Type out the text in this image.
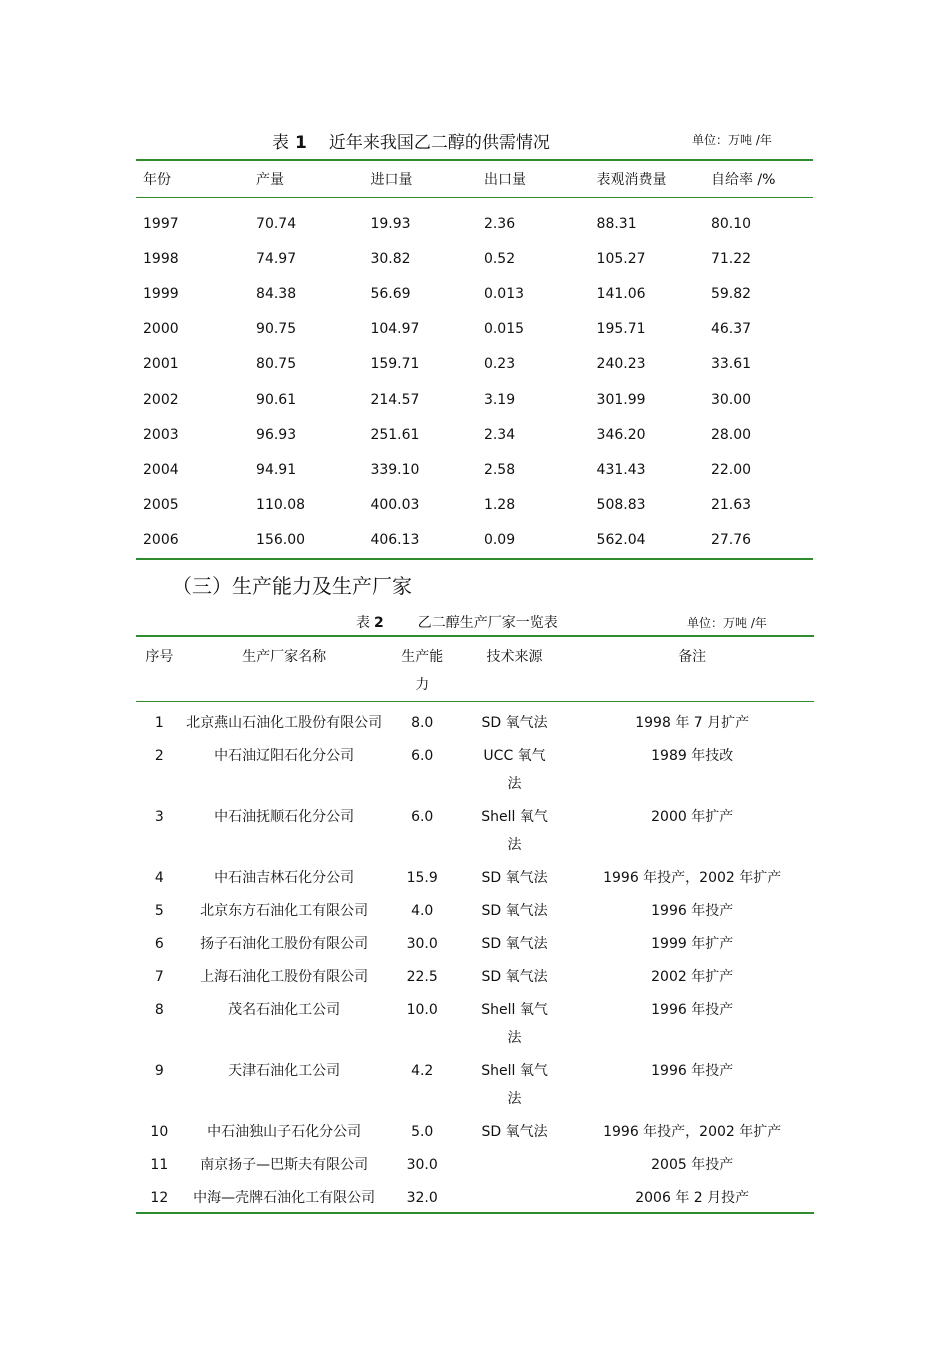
表 1 近年来我国乙二醇的供需情况	单位：万吨 /年
年份	产量	进口量	出口量	表观消费量	自给率 /%
1997	70.74	19.93	2.36	88.31	80.10
1998	74.97	30.82	0.52	105.27	71.22
1999	84.38	56.69	0.013	141.06	59.82
2000	90.75	104.97	0.015	195.71	46.37
2001	80.75	159.71	0.23	240.23	33.61
2002	90.61	214.57	3.19	301.99	30.00
2003	96.93	251.61	2.34	346.20	28.00
2004	94.91	339.10	2.58	431.43	22.00
2005	110.08	400.03	1.28	508.83	21.63
2006	156.00	406.13	0.09	562.04	27.76
（三）生产能力及生产厂家
表 2 乙二醇生产厂家一览表	单位：万吨 /年
序号	生产厂家名称	生产能力	技术来源	备注
1	北京燕山石油化工股份有限公司	8.0	SD 氧气法	1998 年 7 月扩产
2	中石油辽阳石化分公司	6.0	UCC 氧气法	1989 年技改
3	中石油抚顺石化分公司	6.0	Shell 氧气法	2000 年扩产
4	中石油吉林石化分公司	15.9	SD 氧气法	1996 年投产，2002 年扩产
5	北京东方石油化工有限公司	4.0	SD 氧气法	1996 年投产
6	扬子石油化工股份有限公司	30.0	SD 氧气法	1999 年扩产
7	上海石油化工股份有限公司	22.5	SD 氧气法	2002 年扩产
8	茂名石油化工公司	10.0	Shell 氧气法	1996 年投产
9	天津石油化工公司	4.2	Shell 氧气法	1996 年投产
10	中石油独山子石化分公司	5.0	SD 氧气法	1996 年投产，2002 年扩产
11	南京扬子—巴斯夫有限公司	30.0		2005 年投产
12	中海—壳牌石油化工有限公司	32.0		2006 年 2 月投产
